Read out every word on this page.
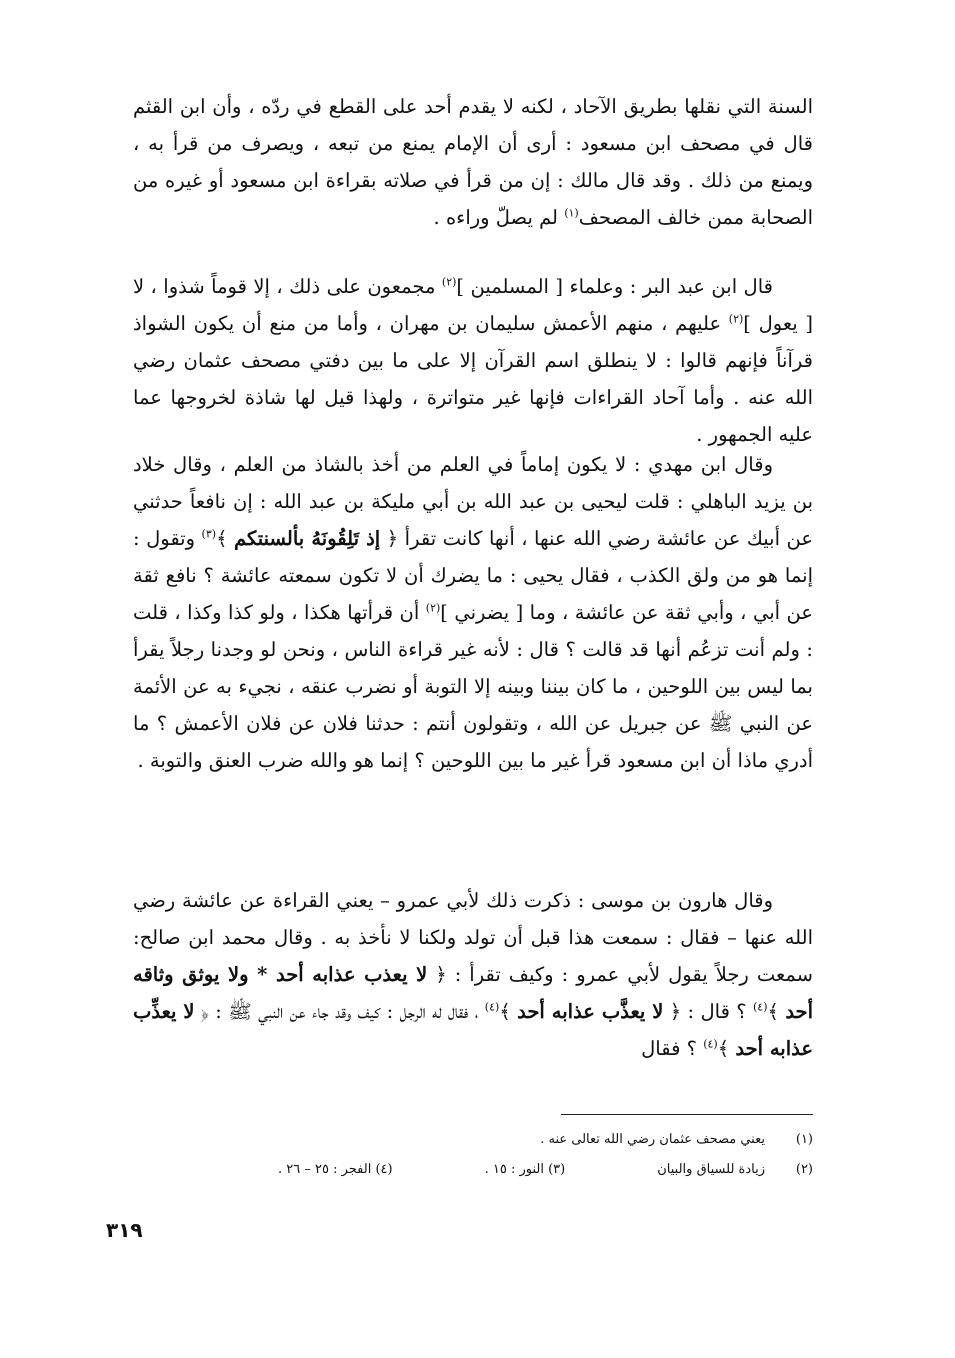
السنة التي نقلها بطريق الآحاد ، لكنه لا يقدم أحد على القطع في ردّه ، وأن ابن القثم قال في مصحف ابن مسعود : أرى أن الإمام يمنع من تبعه ، ويصرف من قرأ به ، ويمنع من ذلك . وقد قال مالك : إن من قرأ في صلاته بقراءة ابن مسعود أو غيره من الصحابة ممن خالف المصحف$^{(١)}$ لم يصلّ وراءه .

قال ابن عبد البر : وعلماء [ المسلمين ]$^{(٢)}$ مجمعون على ذلك ، إلا قوماً شذوا ، لا [ يعول ]$^{(٢)}$ عليهم ، منهم الأعمش سليمان بن مهران ، وأما من منع أن يكون الشواذ قرآناً فإنهم قالوا : لا ينطلق اسم القرآن إلا على ما بين دفتي مصحف عثمان رضي الله عنه . وأما آحاد القراءات فإنها غير متواترة ، ولهذا قيل لها شاذة لخروجها عما عليه الجمهور .

وقال ابن مهدي : لا يكون إماماً في العلم من أخذ بالشاذ من العلم ، وقال خلاد بن يزيد الباهلي : قلت ليحيى بن عبد الله بن أبي مليكة بن عبد الله : إن نافعاً حدثني عن أبيك عن عائشة رضي الله عنها ، أنها كانت تقرأ ﴿ إذ تَلِقُونَهُ بألسنتكم ﴾$^{(٣)}$ وتقول : إنما هو من ولق الكذب ، فقال يحيى : ما يضرك أن لا تكون سمعته عائشة ؟ نافع ثقة عن أبي ، وأبي ثقة عن عائشة ، وما [ يضرني ]$^{(٢)}$ أن قرأتها هكذا ، ولو كذا وكذا ، قلت : ولم أنت تزعُم أنها قد قالت ؟ قال : لأنه غير قراءة الناس ، ونحن لو وجدنا رجلاً يقرأ بما ليس بين اللوحين ، ما كان بيننا وبينه إلا التوبة أو نضرب عنقه ، نجيء به عن الأئمة عن النبي ﷺ عن جبريل عن الله ، وتقولون أنتم : حدثنا فلان عن فلان الأعمش ؟ ما أدري ماذا أن ابن مسعود قرأ غير ما بين اللوحين ؟ إنما هو والله ضرب العنق والتوبة .

وقال هارون بن موسى : ذكرت ذلك لأبي عمرو – يعني القراءة عن عائشة رضي الله عنها – فقال : سمعت هذا قبل أن تولد ولكنا لا نأخذ به . وقال محمد ابن صالح: سمعت رجلاً يقول لأبي عمرو : وكيف تقرأ : ﴿ لا يعذب عذابه أحد * ولا يوثق وثاقه أحد ﴾$^{(٤)}$ ؟ قال : ﴿ لا يعذَّب عذابه أحد ﴾$^{(٤)}$ ، فقال له الرجل : كيف وقد جاء عن النبي ﷺ : ﴿ لا يعذِّب عذابه أحد ﴾$^{(٤)}$ ؟ فقال

(١)يعني مصحف عثمان رضي الله تعالى عنه .
(٢)زيادة للسياق والبيان(٣) النور : ١٥ .(٤) الفجر : ٢٥ – ٢٦ .
٣١٩
